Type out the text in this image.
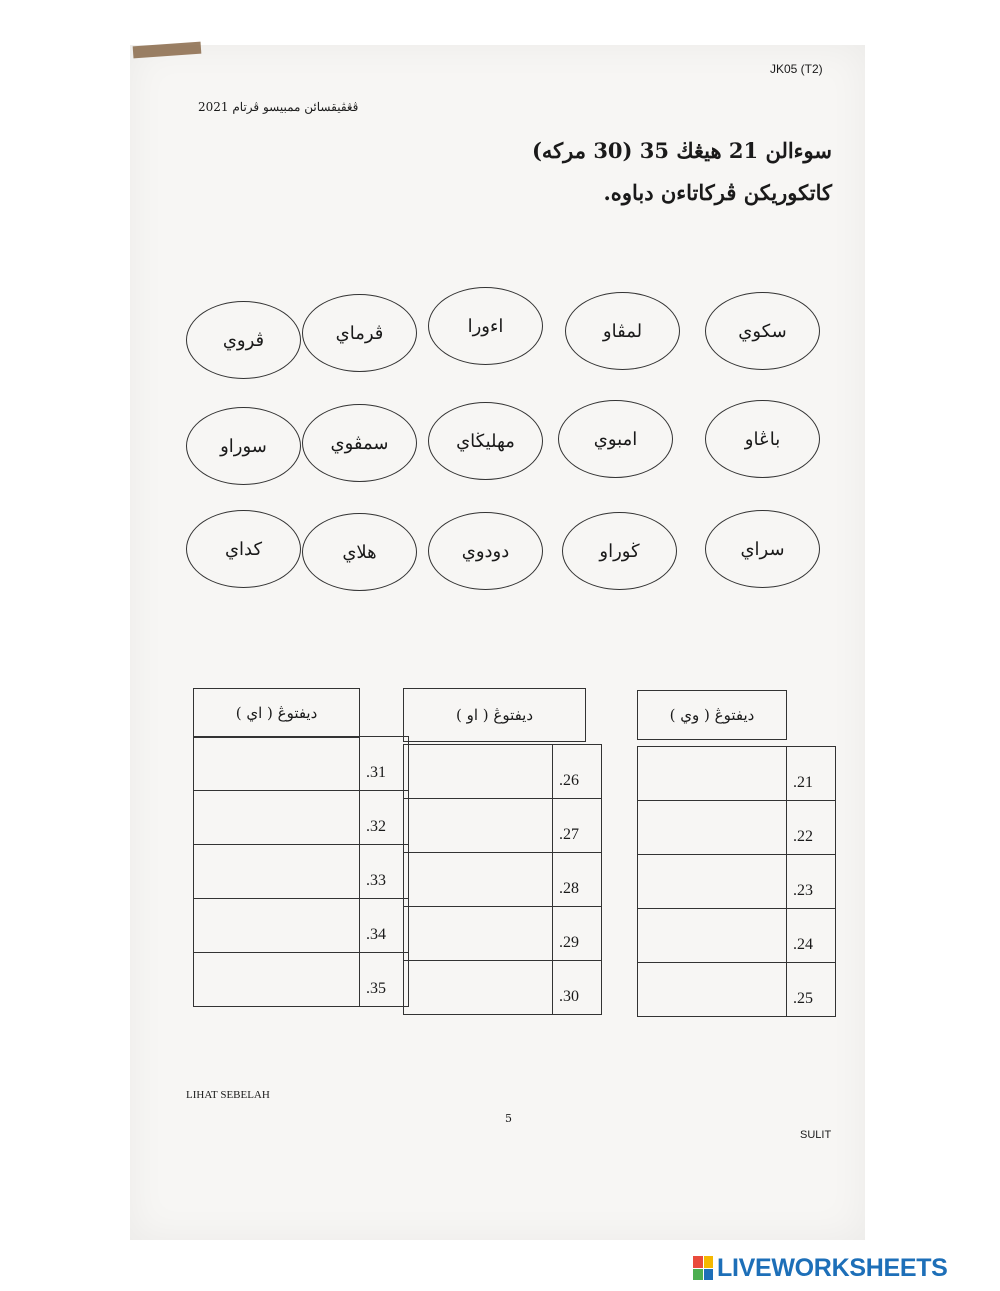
JK05 (T2)
ڤڠڤيقسائن ممبيسو ڤرتام 2021
سوءالن 21 هيڠڬ 35 (30 مرکه)
کاتکوريکن ڤرکاتاءن دباوه.
سکوي
لمڤاو
اءورا
ڤرماي
ڤروي
باڠاو
امبوي
مهليڬاي
سمڤوي
سوراو
سراي
ڬوراو
دودوي
هلاي
کداي
ديفتوڠ ( وي )
ديفتوڠ ( او )
ديفتوڠ ( اي )
	.21
	.22
	.23
	.24
	.25
	.26
	.27
	.28
	.29
	.30
	.31
	.32
	.33
	.34
	.35
LIHAT SEBELAH
5
SULIT
LIVEWORKSHEETS
